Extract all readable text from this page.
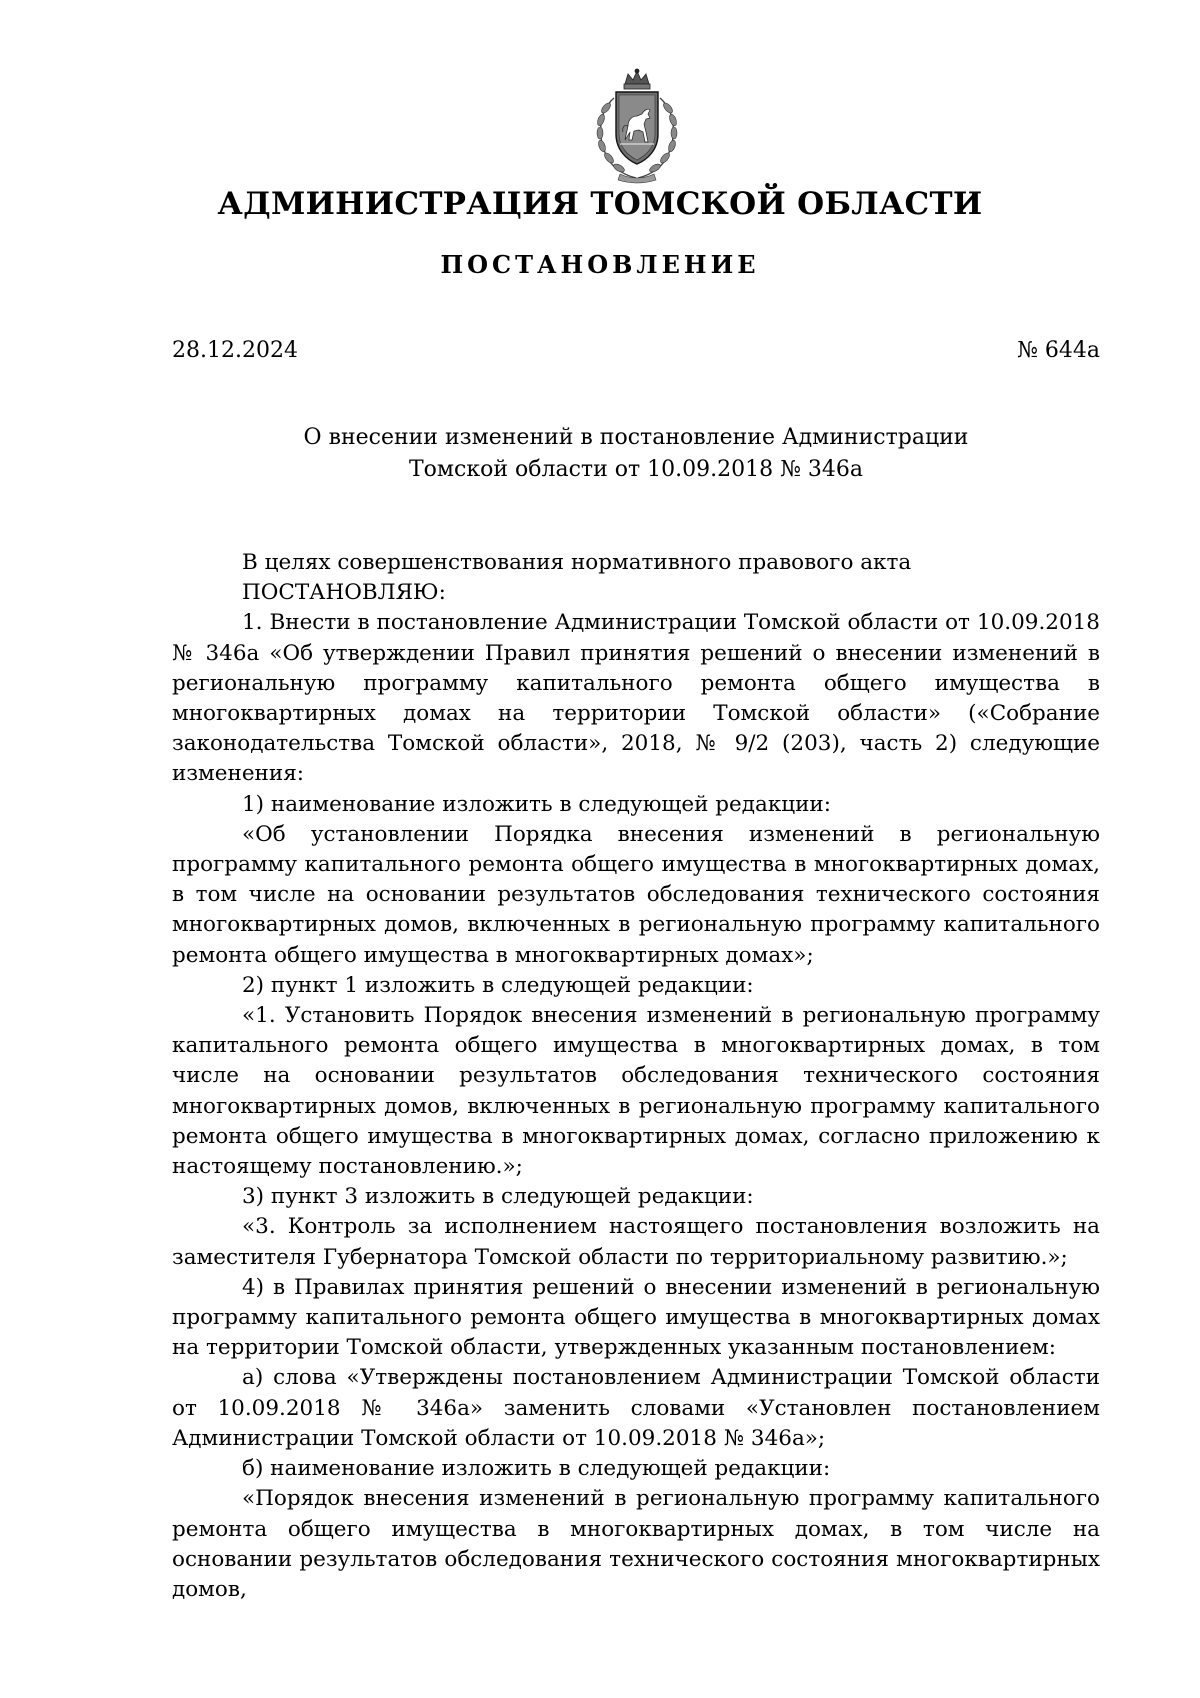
АДМИНИСТРАЦИЯ ТОМСКОЙ ОБЛАСТИ
ПОСТАНОВЛЕНИЕ
28.12.2024	№ 644а
О внесении изменений в постановление Администрации
Томской области от 10.09.2018 № 346а

В целях совершенствования нормативного правового акта

ПОСТАНОВЛЯЮ:

1. Внести в постановление Администрации Томской области от 10.09.2018 № 346а «Об утверждении Правил принятия решений о внесении изменений в региональную программу капитального ремонта общего имущества в многоквартирных домах на территории Томской области» («Собрание законодательства Томской области», 2018, № 9/2 (203), часть 2) следующие изменения:

1) наименование изложить в следующей редакции:

«Об установлении Порядка внесения изменений в региональную программу капитального ремонта общего имущества в многоквартирных домах, в том числе на основании результатов обследования технического состояния многоквартирных домов, включенных в региональную программу капитального ремонта общего имущества в многоквартирных домах»;

2) пункт 1 изложить в следующей редакции:

«1. Установить Порядок внесения изменений в региональную программу капитального ремонта общего имущества в многоквартирных домах, в том числе на основании результатов обследования технического состояния многоквартирных домов, включенных в региональную программу капитального ремонта общего имущества в многоквартирных домах, согласно приложению к настоящему постановлению.»;

3) пункт 3 изложить в следующей редакции:

«3. Контроль за исполнением настоящего постановления возложить на заместителя Губернатора Томской области по территориальному развитию.»;

4) в Правилах принятия решений о внесении изменений в региональную программу капитального ремонта общего имущества в многоквартирных домах на территории Томской области, утвержденных указанным постановлением:

а) слова «Утверждены постановлением Администрации Томской области от 10.09.2018 № 346а» заменить словами «Установлен постановлением Администрации Томской области от 10.09.2018 № 346а»;

б) наименование изложить в следующей редакции:

«Порядок внесения изменений в региональную программу капитального ремонта общего имущества в многоквартирных домах, в том числе на основании результатов обследования технического состояния многоквартирных домов,
